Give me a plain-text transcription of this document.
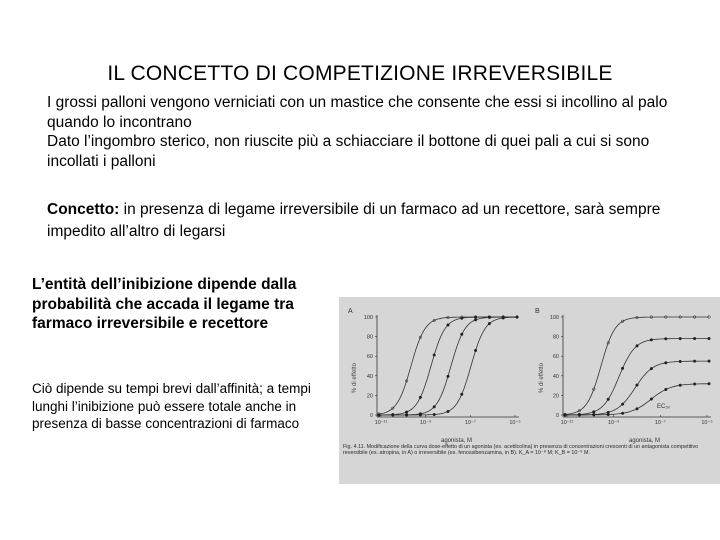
IL CONCETTO DI COMPETIZIONE IRREVERSIBILE

I grossi palloni vengono verniciati con un mastice che consente che essi si incollino al palo quando lo incontrano

Dato l’ingombro sterico, non riuscite più a schiacciare il bottone di quei pali a cui si sono incollati i palloni

Concetto: in presenza di legame irreversibile di un farmaco ad un recettore, sarà sempre impedito all’altro di legarsi
L’entità dell’inibizione dipende dalla probabilità che accada il legame tra farmaco irreversibile e recettore
Ciò dipende su tempi brevi dall’affinità; a tempi lunghi l’inibizione può essere totale anche in presenza di basse concentrazioni di farmaco
A
% di effetto
100
80
60
40
20
0
10⁻¹¹	10⁻⁹	10⁻⁷	10⁻⁵
agonista, M
B
% di effetto
100
80
60
40
20
0
10⁻¹¹	10⁻⁹	10⁻⁷	10⁻⁵
agonista, M
EC₅₀
Fig. 4.11. Modificazione della curva dose-effetto di un agonista (es. acetilcolina) in presenza di concentrazioni crescenti di un antagonista competitivo reversibile (es. atropina, in A) o irreversibile (es. fenossibenzamina, in B). K_A = 10⁻⁸ M; K_B = 10⁻⁹ M.
